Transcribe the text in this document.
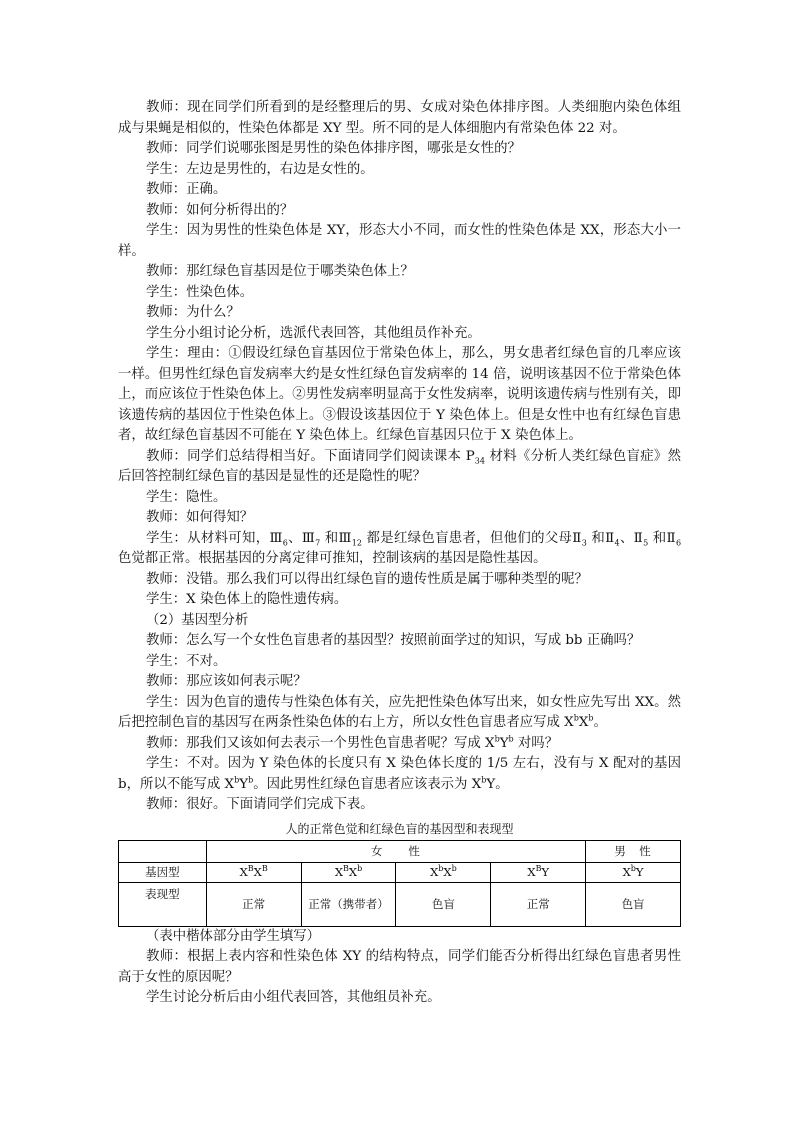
教师：现在同学们所看到的是经整理后的男、女成对染色体排序图。人类细胞内染色体组成与果蝇是相似的，性染色体都是 XY 型。所不同的是人体细胞内有常染色体 22 对。

教师：同学们说哪张图是男性的染色体排序图，哪张是女性的？

学生：左边是男性的，右边是女性的。

教师：正确。

教师：如何分析得出的？

学生：因为男性的性染色体是 XY，形态大小不同，而女性的性染色体是 XX，形态大小一样。

教师：那红绿色盲基因是位于哪类染色体上？

学生：性染色体。

教师：为什么？

学生分小组讨论分析，选派代表回答，其他组员作补充。

学生：理由：①假设红绿色盲基因位于常染色体上，那么，男女患者红绿色盲的几率应该一样。但男性红绿色盲发病率大约是女性红绿色盲发病率的 14 倍，说明该基因不位于常染色体上，而应该位于性染色体上。②男性发病率明显高于女性发病率，说明该遗传病与性别有关，即该遗传病的基因位于性染色体上。③假设该基因位于 Y 染色体上。但是女性中也有红绿色盲患者，故红绿色盲基因不可能在 Y 染色体上。红绿色盲基因只位于 X 染色体上。

教师：同学们总结得相当好。下面请同学们阅读课本 $P_{34}$ 材料《分析人类红绿色盲症》然后回答控制红绿色盲的基因是显性的还是隐性的呢？

学生：隐性。

教师：如何得知？

学生：从材料可知，$Ⅲ_6$、$Ⅲ_7$ 和$Ⅲ_{12}$ 都是红绿色盲患者，但他们的父母$Ⅱ_3$ 和$Ⅱ_4$、$Ⅱ_5$ 和$Ⅱ_6$ 色觉都正常。根据基因的分离定律可推知，控制该病的基因是隐性基因。

教师：没错。那么我们可以得出红绿色盲的遗传性质是属于哪种类型的呢？

学生：X 染色体上的隐性遗传病。

（2）基因型分析

教师：怎么写一个女性色盲患者的基因型？按照前面学过的知识，写成 bb 正确吗？

学生：不对。

教师：那应该如何表示呢？

学生：因为色盲的遗传与性染色体有关，应先把性染色体写出来，如女性应先写出 XX。然后把控制色盲的基因写在两条性染色体的右上方，所以女性色盲患者应写成 $X^bX^b$。

教师：那我们又该如何去表示一个男性色盲患者呢？写成 $X^bY^b$ 对吗？

学生：不对。因为 Y 染色体的长度只有 X 染色体长度的 1/5 左右，没有与 X 配对的基因 b，所以不能写成 $X^bY^b$。因此男性红绿色盲患者应该表示为 $X^bY$。

教师：很好。下面请同学们完成下表。

人的正常色觉和红绿色盲的基因型和表现型
	女　　性				男　性
基因型	$X^BX^B$	$X^BX^b$	$X^bX^b$	$X^BY$	$X^bY$
表现型	正常	正常（携带者）	色盲	正常	色盲

（表中楷体部分由学生填写）

教师：根据上表内容和性染色体 XY 的结构特点，同学们能否分析得出红绿色盲患者男性高于女性的原因呢？

学生讨论分析后由小组代表回答，其他组员补充。
